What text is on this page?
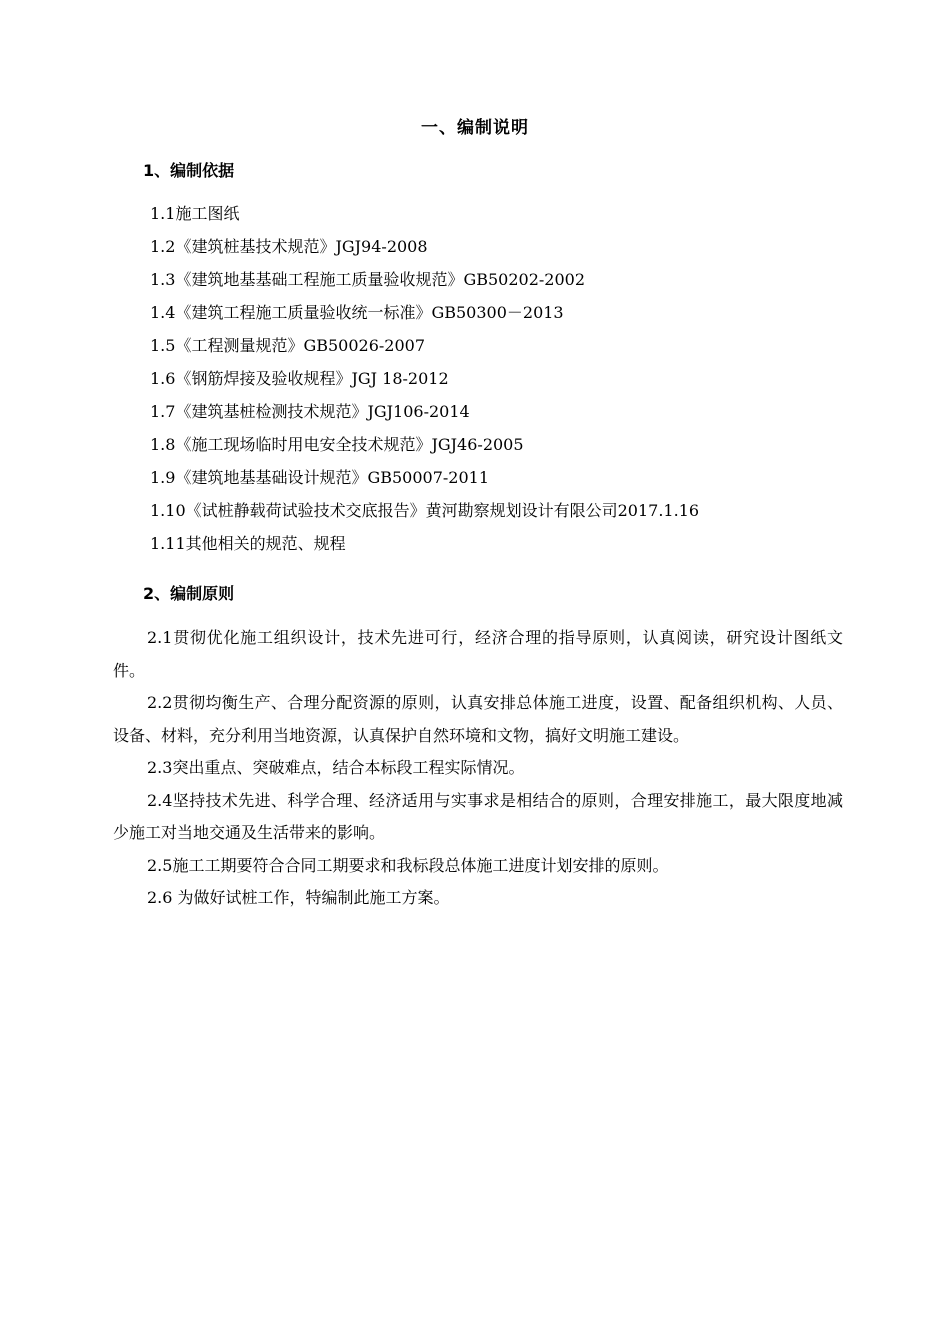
一、编制说明
1、编制依据
1.1施工图纸
1.2《建筑桩基技术规范》JGJ94-2008
1.3《建筑地基基础工程施工质量验收规范》GB50202-2002
1.4《建筑工程施工质量验收统一标准》GB50300－2013
1.5《工程测量规范》GB50026-2007
1.6《钢筋焊接及验收规程》JGJ 18-2012
1.7《建筑基桩检测技术规范》JGJ106-2014
1.8《施工现场临时用电安全技术规范》JGJ46-2005
1.9《建筑地基基础设计规范》GB50007-2011
1.10《试桩静载荷试验技术交底报告》黄河勘察规划设计有限公司2017.1.16
1.11其他相关的规范、规程
2、编制原则

2.1贯彻优化施工组织设计，技术先进可行，经济合理的指导原则，认真阅读，研究设计图纸文件。

2.2贯彻均衡生产、合理分配资源的原则，认真安排总体施工进度，设置、配备组织机构、人员、设备、材料，充分利用当地资源，认真保护自然环境和文物，搞好文明施工建设。

2.3突出重点、突破难点，结合本标段工程实际情况。

2.4坚持技术先进、科学合理、经济适用与实事求是相结合的原则，合理安排施工，最大限度地减少施工对当地交通及生活带来的影响。

2.5施工工期要符合合同工期要求和我标段总体施工进度计划安排的原则。

2.6 为做好试桩工作，特编制此施工方案。
